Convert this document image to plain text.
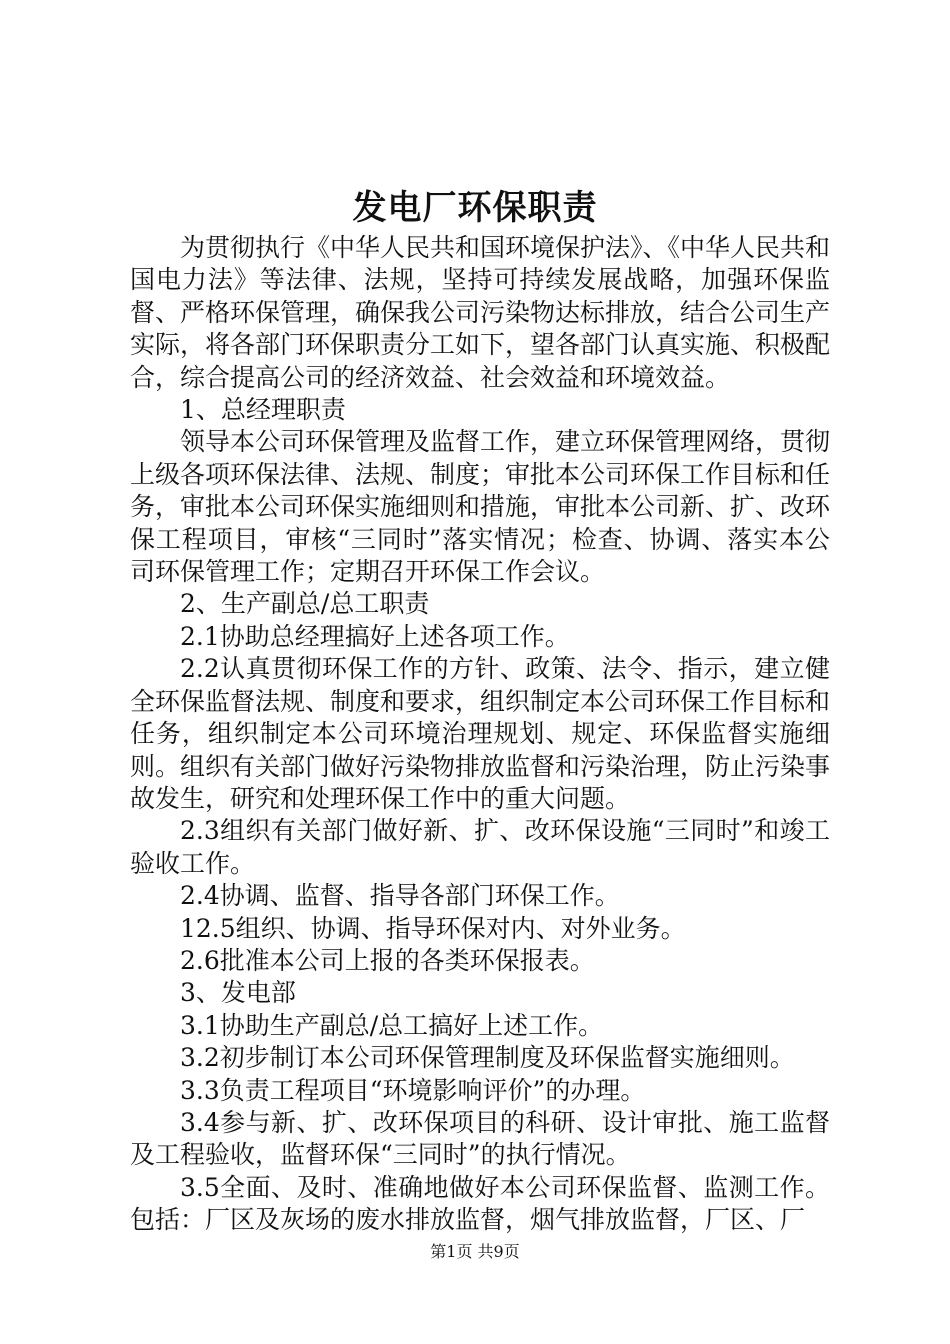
发电厂环保职责

为贯彻执行《中华人民共和国环境保护法》、《中华人民共和国电力法》等法律、法规，坚持可持续发展战略，加强环保监督、严格环保管理，确保我公司污染物达标排放，结合公司生产实际，将各部门环保职责分工如下，望各部门认真实施、积极配合，综合提高公司的经济效益、社会效益和环境效益。

1、总经理职责

领导本公司环保管理及监督工作，建立环保管理网络，贯彻上级各项环保法律、法规、制度；审批本公司环保工作目标和任务，审批本公司环保实施细则和措施，审批本公司新、扩、改环保工程项目，审核“三同时”落实情况；检查、协调、落实本公司环保管理工作；定期召开环保工作会议。

2、生产副总/总工职责

2.1协助总经理搞好上述各项工作。

2.2认真贯彻环保工作的方针、政策、法令、指示，建立健全环保监督法规、制度和要求，组织制定本公司环保工作目标和任务，组织制定本公司环境治理规划、规定、环保监督实施细则。组织有关部门做好污染物排放监督和污染治理，防止污染事故发生，研究和处理环保工作中的重大问题。

2.3组织有关部门做好新、扩、改环保设施“三同时”和竣工验收工作。

2.4协调、监督、指导各部门环保工作。

12.5组织、协调、指导环保对内、对外业务。

2.6批准本公司上报的各类环保报表。

3、发电部

3.1协助生产副总/总工搞好上述工作。

3.2初步制订本公司环保管理制度及环保监督实施细则。

3.3负责工程项目“环境影响评价”的办理。

3.4参与新、扩、改环保项目的科研、设计审批、施工监督及工程验收，监督环保“三同时”的执行情况。

3.5全面、及时、准确地做好本公司环保监督、监测工作。包括：厂区及灰场的废水排放监督，烟气排放监督，厂区、厂

第1页 共9页
